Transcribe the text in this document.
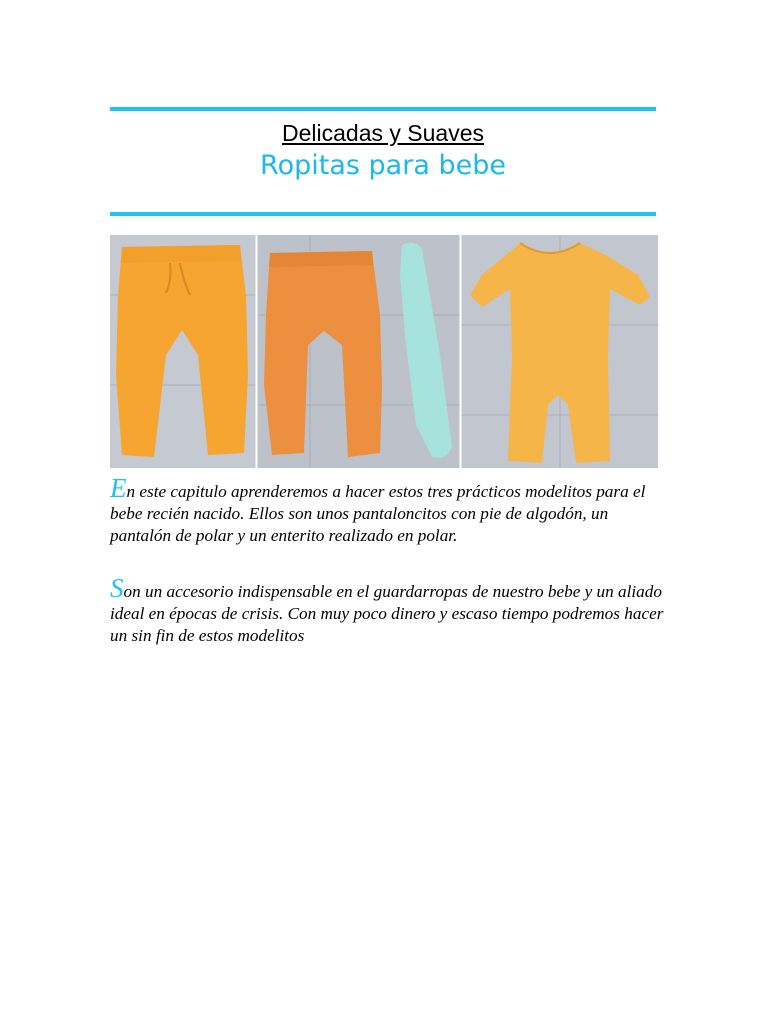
Delicadas y Suaves
Ropitas para bebe

En este capitulo aprenderemos a hacer estos tres prácticos modelitos para el bebe recién nacido. Ellos son unos pantaloncitos con pie de algodón, un pantalón de polar y un enterito realizado en polar.

Son un accesorio indispensable en el guardarropas de nuestro bebe y un aliado ideal en épocas de crisis. Con muy poco dinero y escaso tiempo podremos hacer un sin fin de estos modelitos
